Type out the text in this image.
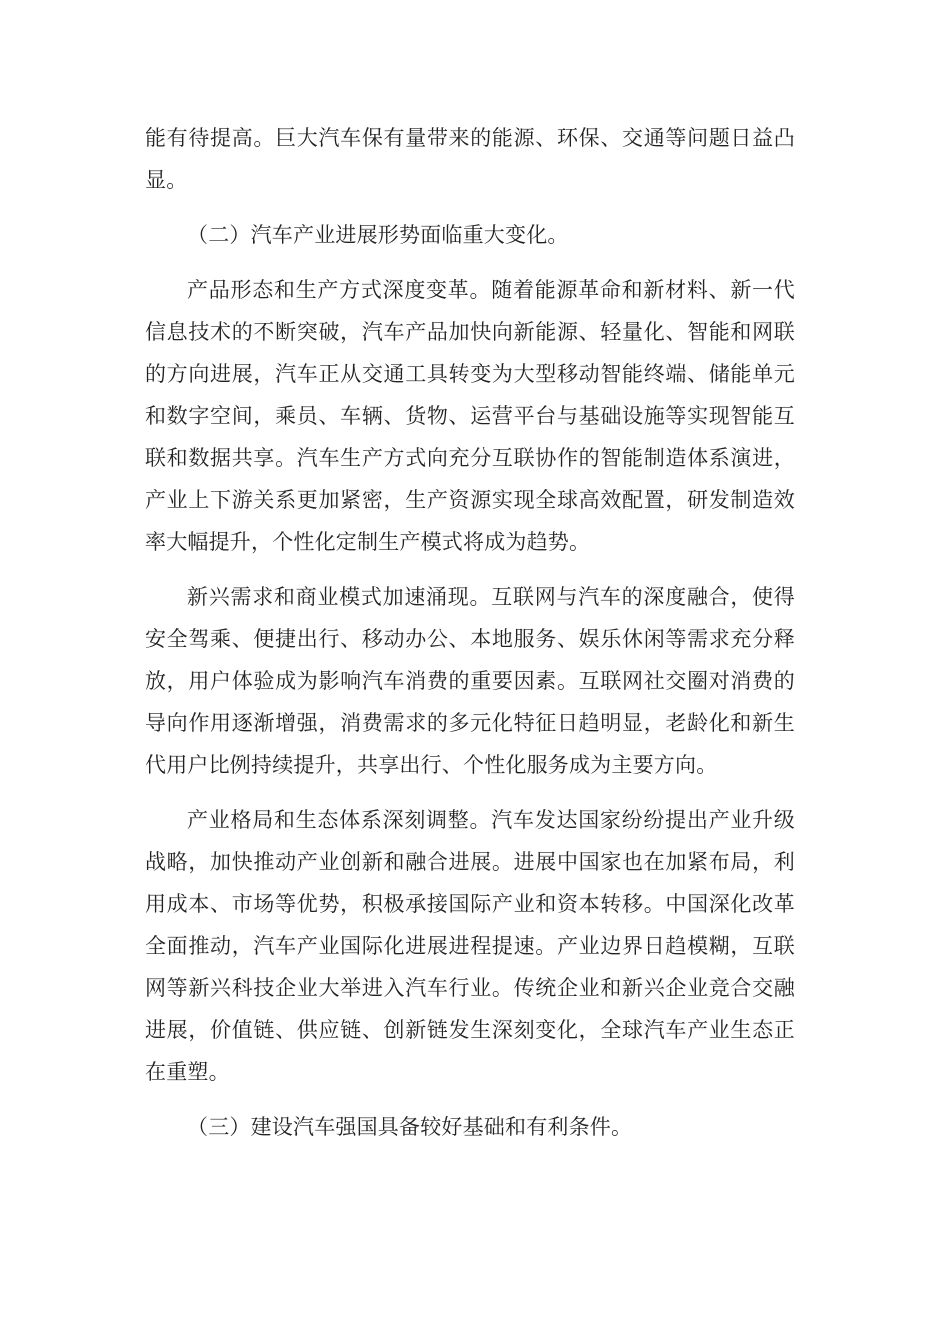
能有待提高。巨大汽车保有量带来的能源、环保、交通等问题日益凸显。

（二）汽车产业进展形势面临重大变化。

产品形态和生产方式深度变革。随着能源革命和新材料、新一代信息技术的不断突破，汽车产品加快向新能源、轻量化、智能和网联的方向进展，汽车正从交通工具转变为大型移动智能终端、储能单元和数字空间，乘员、车辆、货物、运营平台与基础设施等实现智能互联和数据共享。汽车生产方式向充分互联协作的智能制造体系演进，产业上下游关系更加紧密，生产资源实现全球高效配置，研发制造效率大幅提升，个性化定制生产模式将成为趋势。

新兴需求和商业模式加速涌现。互联网与汽车的深度融合，使得安全驾乘、便捷出行、移动办公、本地服务、娱乐休闲等需求充分释放，用户体验成为影响汽车消费的重要因素。互联网社交圈对消费的导向作用逐渐增强，消费需求的多元化特征日趋明显，老龄化和新生代用户比例持续提升，共享出行、个性化服务成为主要方向。

产业格局和生态体系深刻调整。汽车发达国家纷纷提出产业升级战略，加快推动产业创新和融合进展。进展中国家也在加紧布局，利用成本、市场等优势，积极承接国际产业和资本转移。中国深化改革全面推动，汽车产业国际化进展进程提速。产业边界日趋模糊，互联网等新兴科技企业大举进入汽车行业。传统企业和新兴企业竞合交融进展，价值链、供应链、创新链发生深刻变化，全球汽车产业生态正在重塑。

（三）建设汽车强国具备较好基础和有利条件。
